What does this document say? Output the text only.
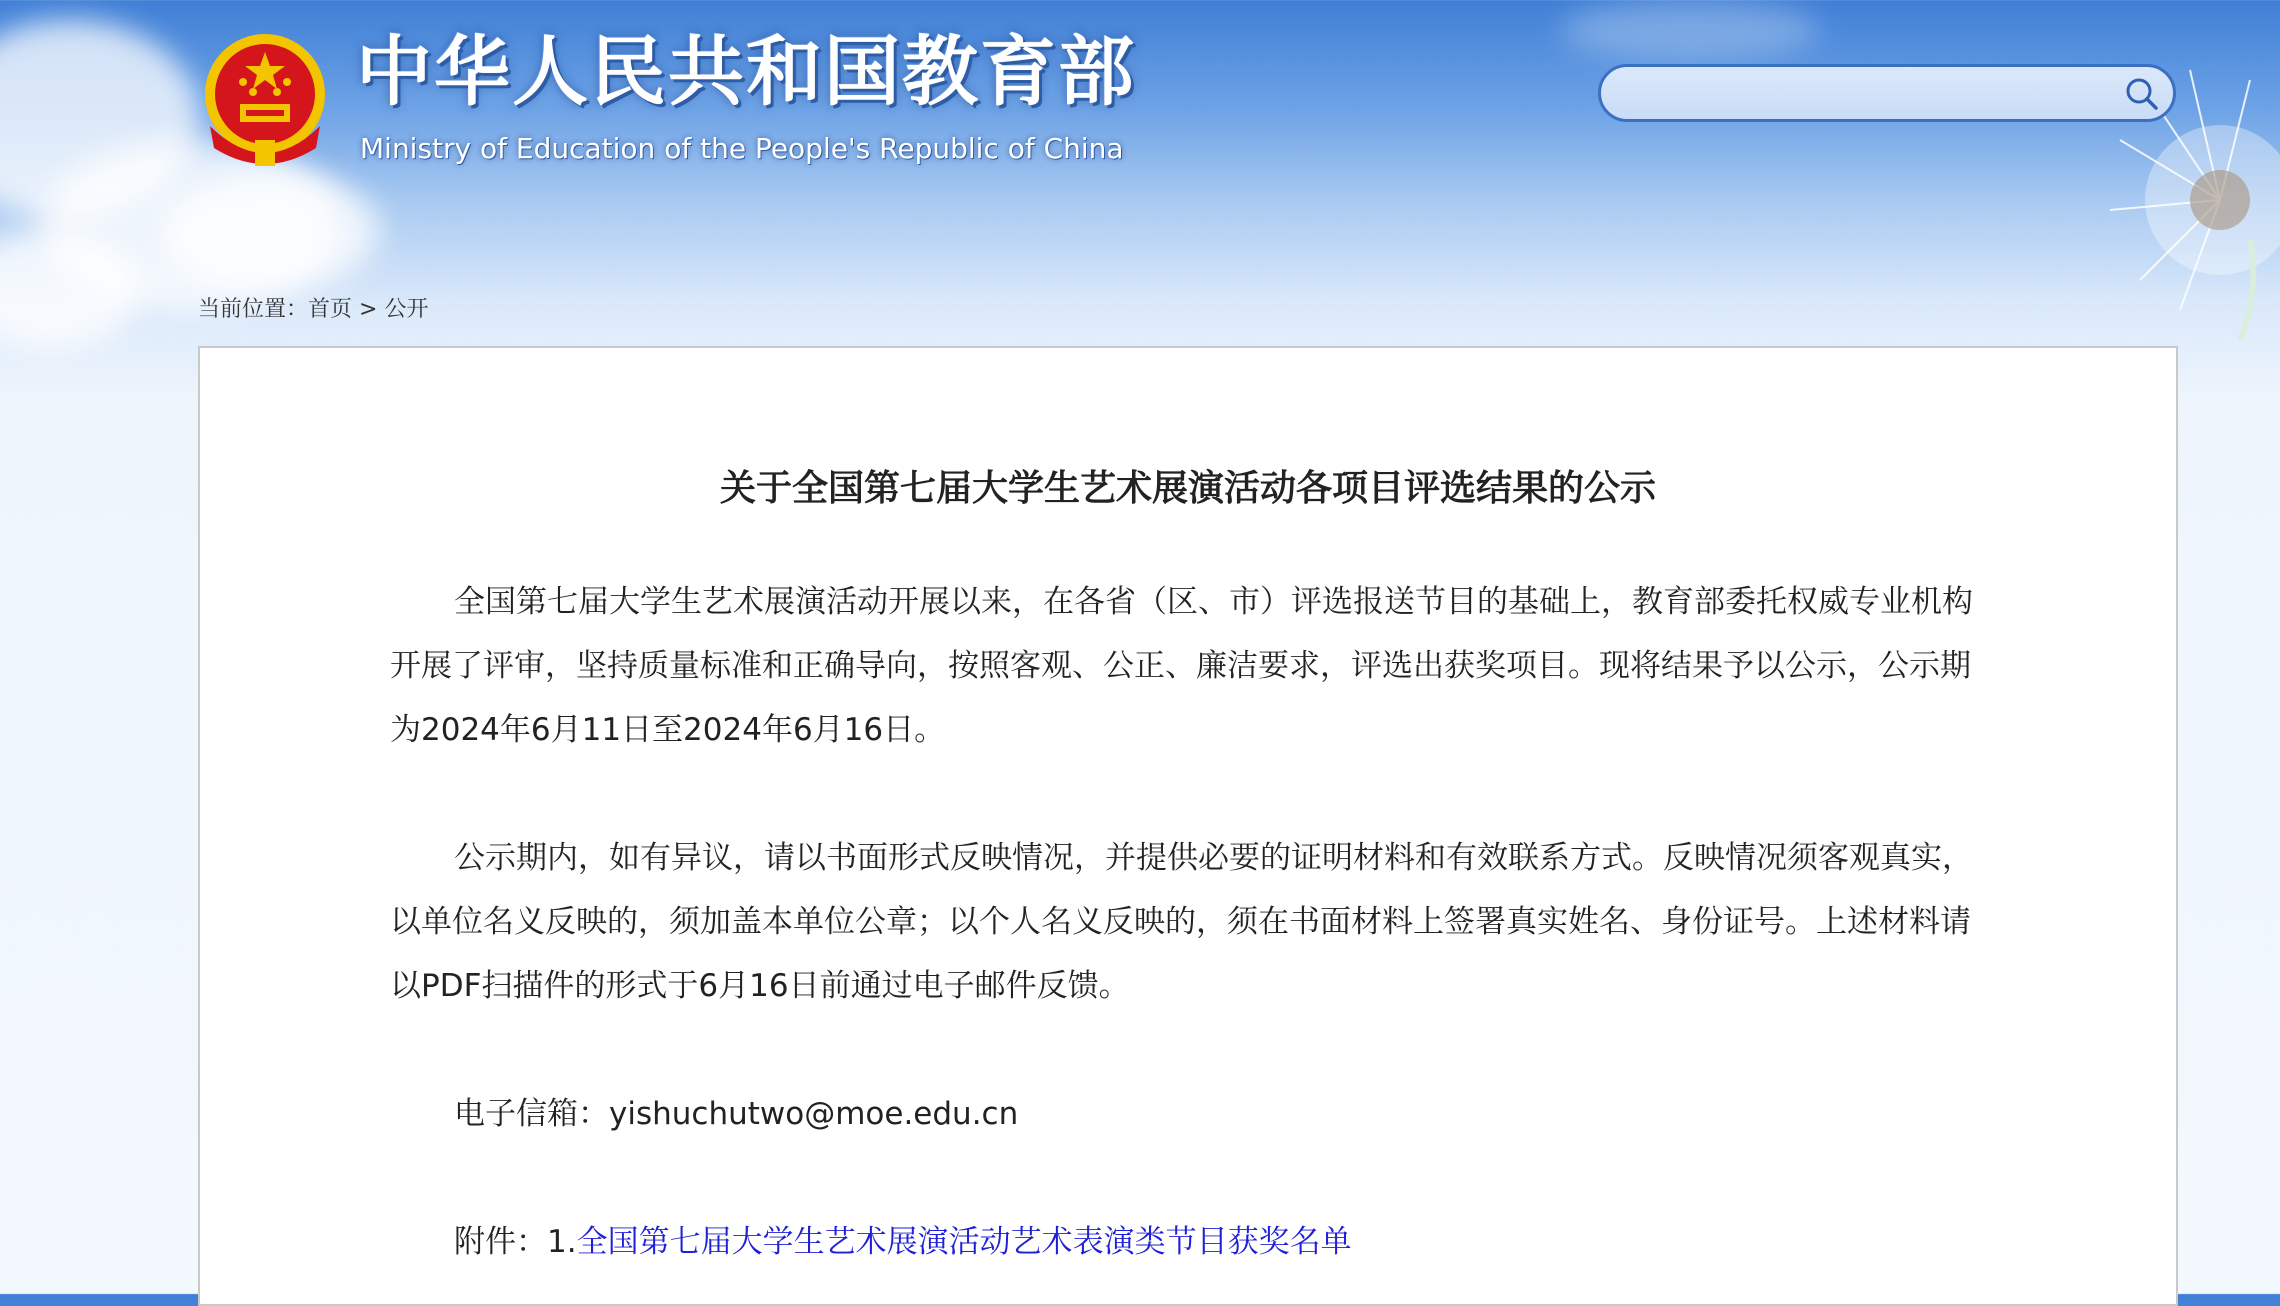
中华人民共和国教育部

Ministry of Education of the People's Republic of China

当前位置：首页 > 公开
关于全国第七届大学生艺术展演活动各项目评选结果的公示

全国第七届大学生艺术展演活动开展以来，在各省（区、市）评选报送节目的基础上，教育部委托权威专业机构开展了评审，坚持质量标准和正确导向，按照客观、公正、廉洁要求，评选出获奖项目。现将结果予以公示，公示期为2024年6月11日至2024年6月16日。

公示期内，如有异议，请以书面形式反映情况，并提供必要的证明材料和有效联系方式。反映情况须客观真实，以单位名义反映的，须加盖本单位公章；以个人名义反映的，须在书面材料上签署真实姓名、身份证号。上述材料请以PDF扫描件的形式于6月16日前通过电子邮件反馈。

电子信箱：yishuchutwo@moe.edu.cn

附件：1.全国第七届大学生艺术展演活动艺术表演类节目获奖名单
